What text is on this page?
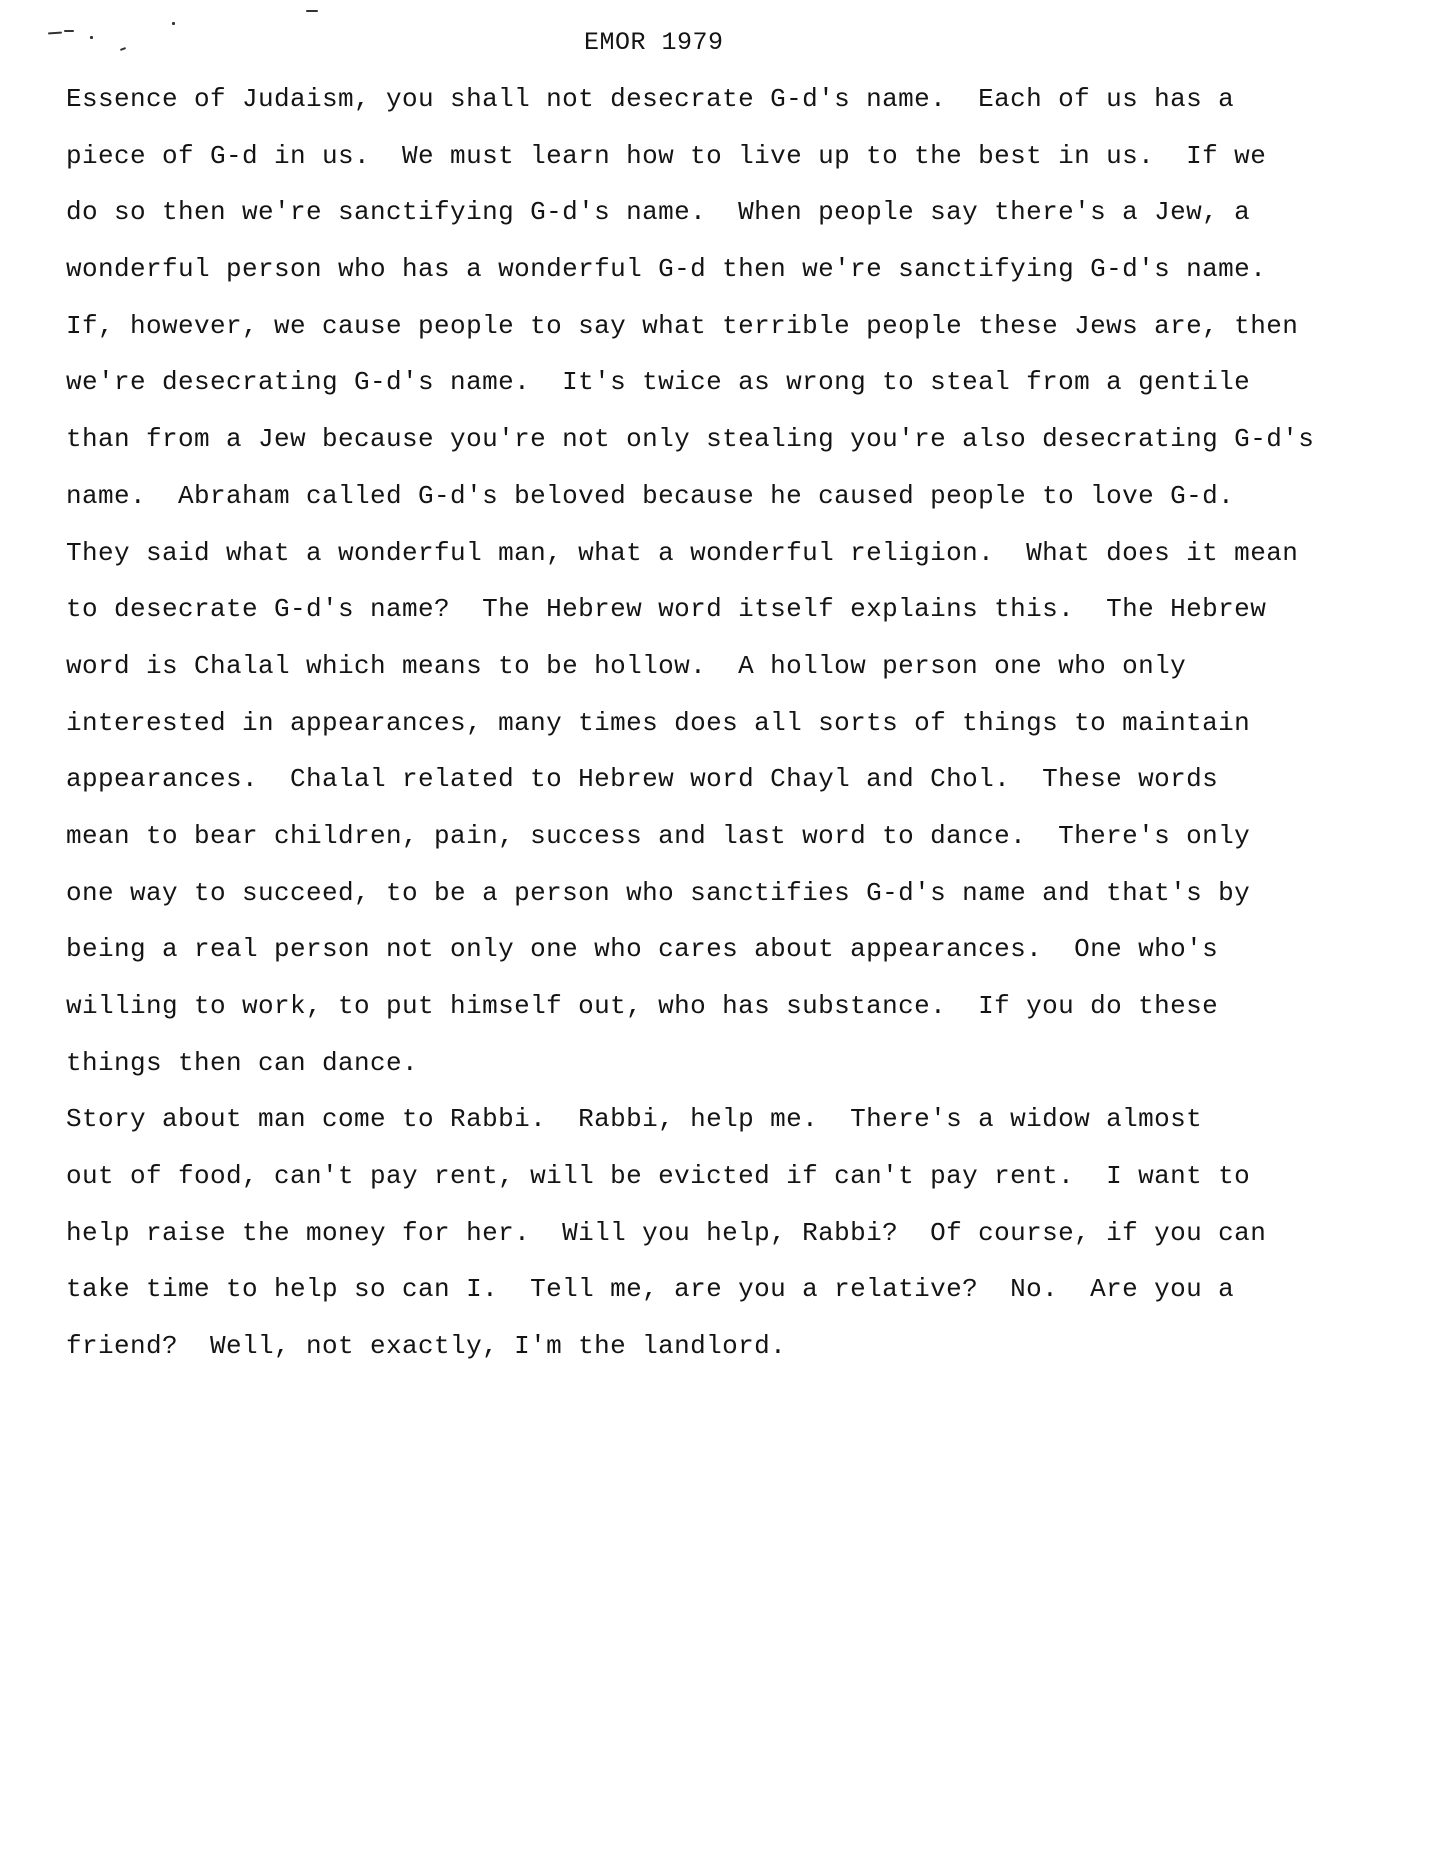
EMOR 1979
Essence of Judaism, you shall not desecrate G-d's name.  Each of us has a
piece of G-d in us.  We must learn how to live up to the best in us.  If we
do so then we're sanctifying G-d's name.  When people say there's a Jew, a
wonderful person who has a wonderful G-d then we're sanctifying G-d's name.
If, however, we cause people to say what terrible people these Jews are, then
we're desecrating G-d's name.  It's twice as wrong to steal from a gentile
than from a Jew because you're not only stealing you're also desecrating G-d's
name.  Abraham called G-d's beloved because he caused people to love G-d.
They said what a wonderful man, what a wonderful religion.  What does it mean
to desecrate G-d's name?  The Hebrew word itself explains this.  The Hebrew
word is Chalal which means to be hollow.  A hollow person one who only
interested in appearances, many times does all sorts of things to maintain
appearances.  Chalal related to Hebrew word Chayl and Chol.  These words
mean to bear children, pain, success and last word to dance.  There's only
one way to succeed, to be a person who sanctifies G-d's name and that's by
being a real person not only one who cares about appearances.  One who's
willing to work, to put himself out, who has substance.  If you do these
things then can dance.
Story about man come to Rabbi.  Rabbi, help me.  There's a widow almost
out of food, can't pay rent, will be evicted if can't pay rent.  I want to
help raise the money for her.  Will you help, Rabbi?  Of course, if you can
take time to help so can I.  Tell me, are you a relative?  No.  Are you a
friend?  Well, not exactly, I'm the landlord.
